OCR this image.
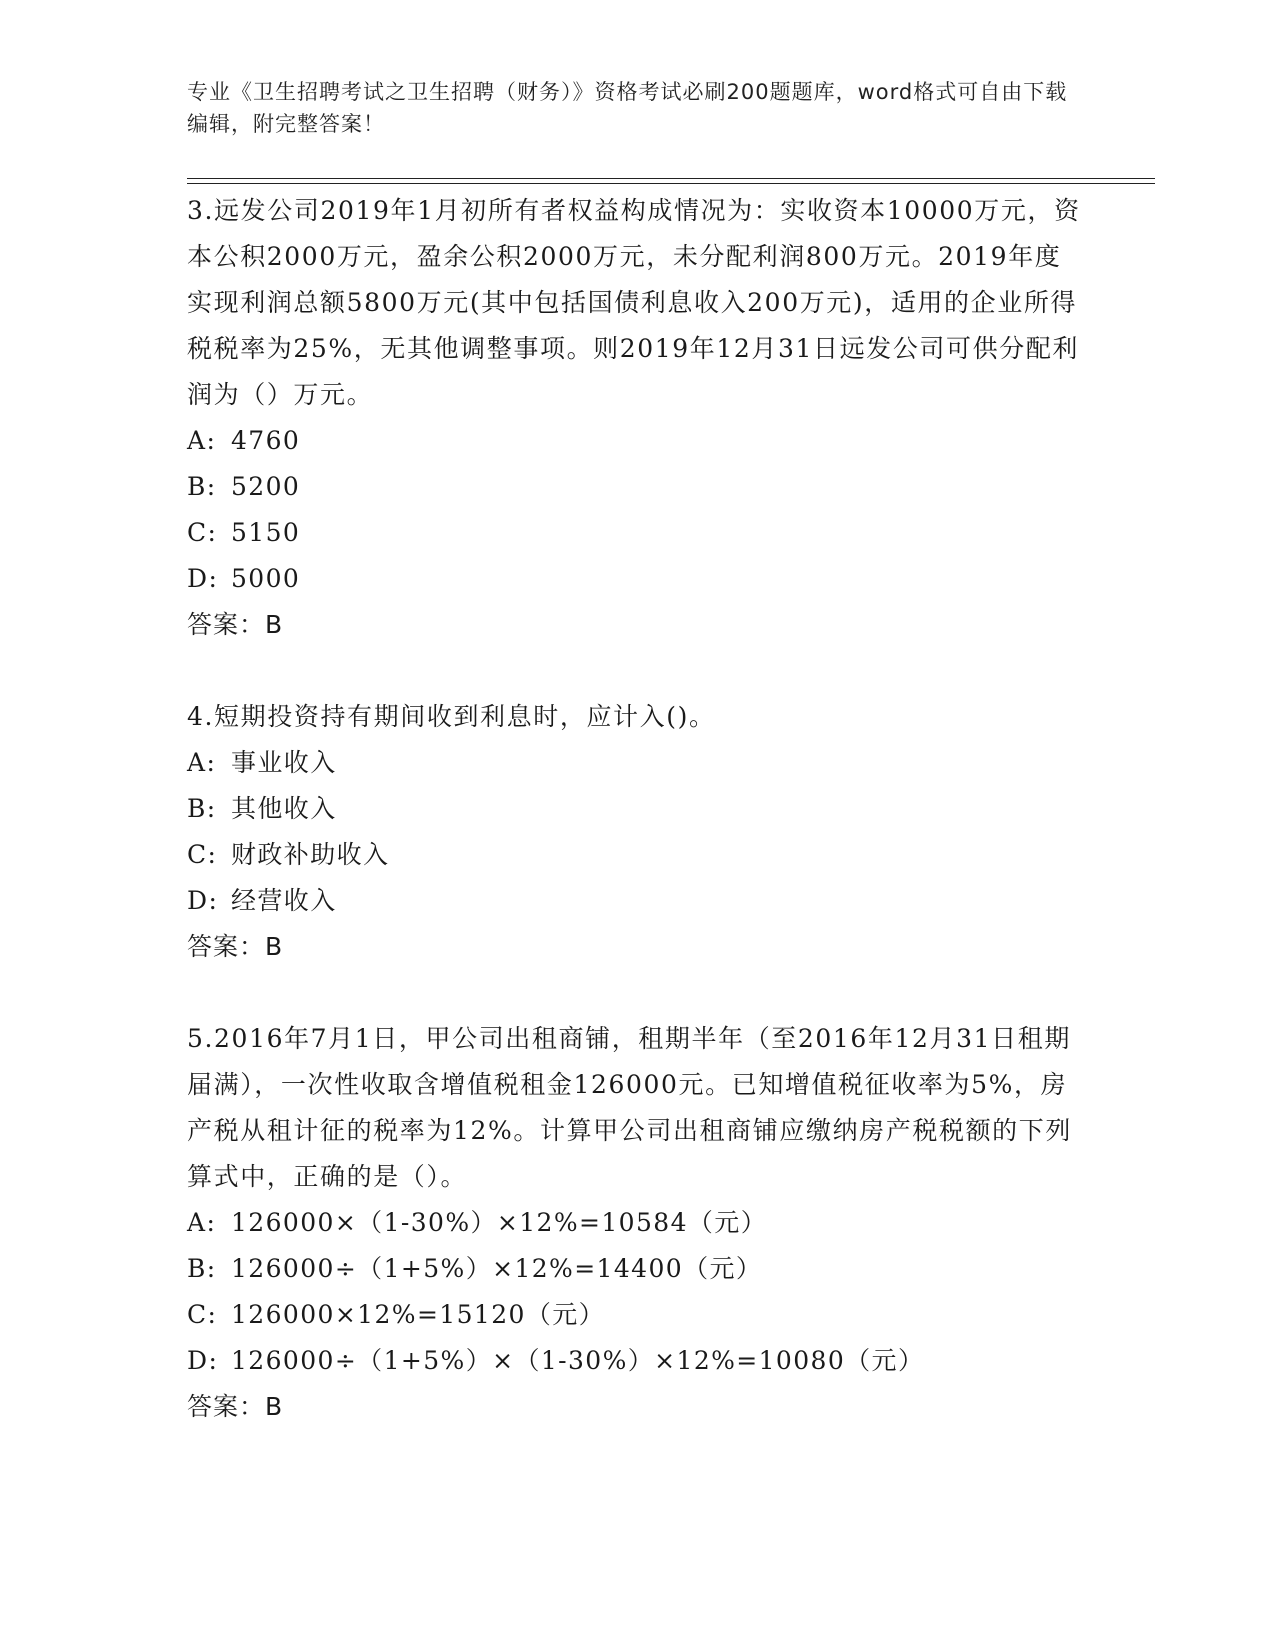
专业《卫生招聘考试之卫生招聘（财务）》资格考试必刷200题题库，word格式可自由下载编辑，附完整答案！

3.远发公司2019年1月初所有者权益构成情况为：实收资本10000万元，资本公积2000万元，盈余公积2000万元，未分配利润800万元。2019年度实现利润总额5800万元(其中包括国债利息收入200万元)，适用的企业所得税税率为25%，无其他调整事项。则2019年12月31日远发公司可供分配利润为（）万元。

A: 4760
B: 5200
C: 5150
D: 5000

答案：B

4.短期投资持有期间收到利息时，应计入()。

A: 事业收入
B: 其他收入
C: 财政补助收入
D: 经营收入

答案：B

5.2016年7月1日，甲公司出租商铺，租期半年（至2016年12月31日租期届满），一次性收取含增值税租金126000元。已知增值税征收率为5%，房产税从租计征的税率为12%。计算甲公司出租商铺应缴纳房产税税额的下列算式中，正确的是（）。

A: 126000×（1-30%）×12%=10584（元）
B: 126000÷（1+5%）×12%=14400（元）
C: 126000×12%=15120（元）
D: 126000÷（1+5%）×（1-30%）×12%=10080（元）

答案：B
